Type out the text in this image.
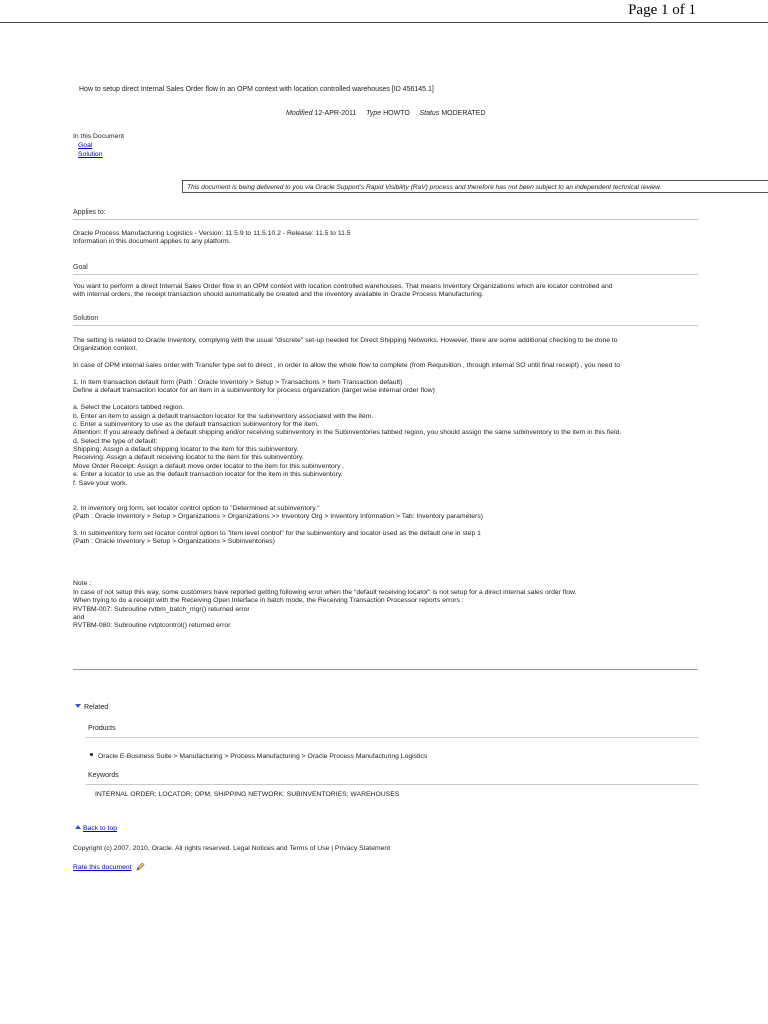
Page 1 of 1
How to setup direct Internal Sales Order flow in an OPM context with location controlled warehouses [ID 456145.1]
Modified 12-APR-2011 Type HOWTO Status MODERATED
In this Document
Goal
Solution
This document is being delivered to you via Oracle Support's Rapid Visibility (RaV) process and therefore has not been subject to an independent technical review.
Applies to:
Oracle Process Manufacturing Logistics - Version: 11.5.9 to 11.5.10.2 - Release: 11.5 to 11.5
Information in this document applies to any platform.
Goal
You want to perform a direct Internal Sales Order flow in an OPM context with location controlled warehouses. That means Inventory Organizations which are locator controlled and
with internal orders, the receipt transaction should automatically be created and the inventory available in Oracle Process Manufacturing.
Solution
The setting is related to Oracle Inventory, complying with the usual "discrete" set-up needed for Direct Shipping Networks. However, there are some additional checking to be done to
Organization context.
In case of OPM internal sales order with Transfer type set to direct , in order to allow the whole flow to complete (from Requisition , through internal SO until final receipt) , you need to
1. In Item transaction default form (Path : Oracle Inventory > Setup > Transactions > Item Transaction default)
Define a default transaction locator for an item in a subinventory for process organization (target wise internal order flow)
a. Select the Locators tabbed region.
b. Enter an item to assign a default transaction locator for the subinventory associated with the item.
c. Enter a subinventory to use as the default transaction subinventory for the item.
Attention: If you already defined a default shipping and/or receiving subinventory in the Subinventories tabbed region, you should assign the same subinventory to the item in this field.
d. Select the type of default:
Shipping: Assign a default shipping locator to the item for this subinventory.
Receiving: Assign a default receiving locator to the item for this subinventory.
Move Order Receipt: Assign a default move order locator to the item for this subinventory .
e. Enter a locator to use as the default transaction locator for the item in this subinventory.
f. Save your work.
2. In inventory org form, set locator control option to "Determined at subinventory."
(Path : Oracle Inventory > Setup > Organizations > Organizations >> Inventory Org > Inventory Information > Tab: Inventory parameters)
3. In subinventory form set locator control option to "Item level control" for the subinventory and locator used as the default one in step 1
(Path : Oracle Inventory > Setup > Organizations > Subinventories)
Note :
In case of not setup this way, some customers have reported getting following error when the "default receiving locator" is not setup for a direct internal sales order flow.
When trying to do a receipt with the Receiving Open Interface in batch mode, the Receiving Transaction Processor reports errors :
RVTBM-007: Subroutine rvtbm_batch_mgr() returned error
and
RVTBM-080: Subroutine rvtptcontrol() returned error
Related
Products
Oracle E-Business Suite > Manufacturing > Process Manufacturing > Oracle Process Manufacturing Logistics
Keywords
INTERNAL ORDER; LOCATOR; OPM; SHIPPING NETWORK; SUBINVENTORIES; WAREHOUSES
Back to top
Copyright (c) 2007, 2010, Oracle. All rights reserved. Legal Notices and Terms of Use | Privacy Statement
Rate this document
